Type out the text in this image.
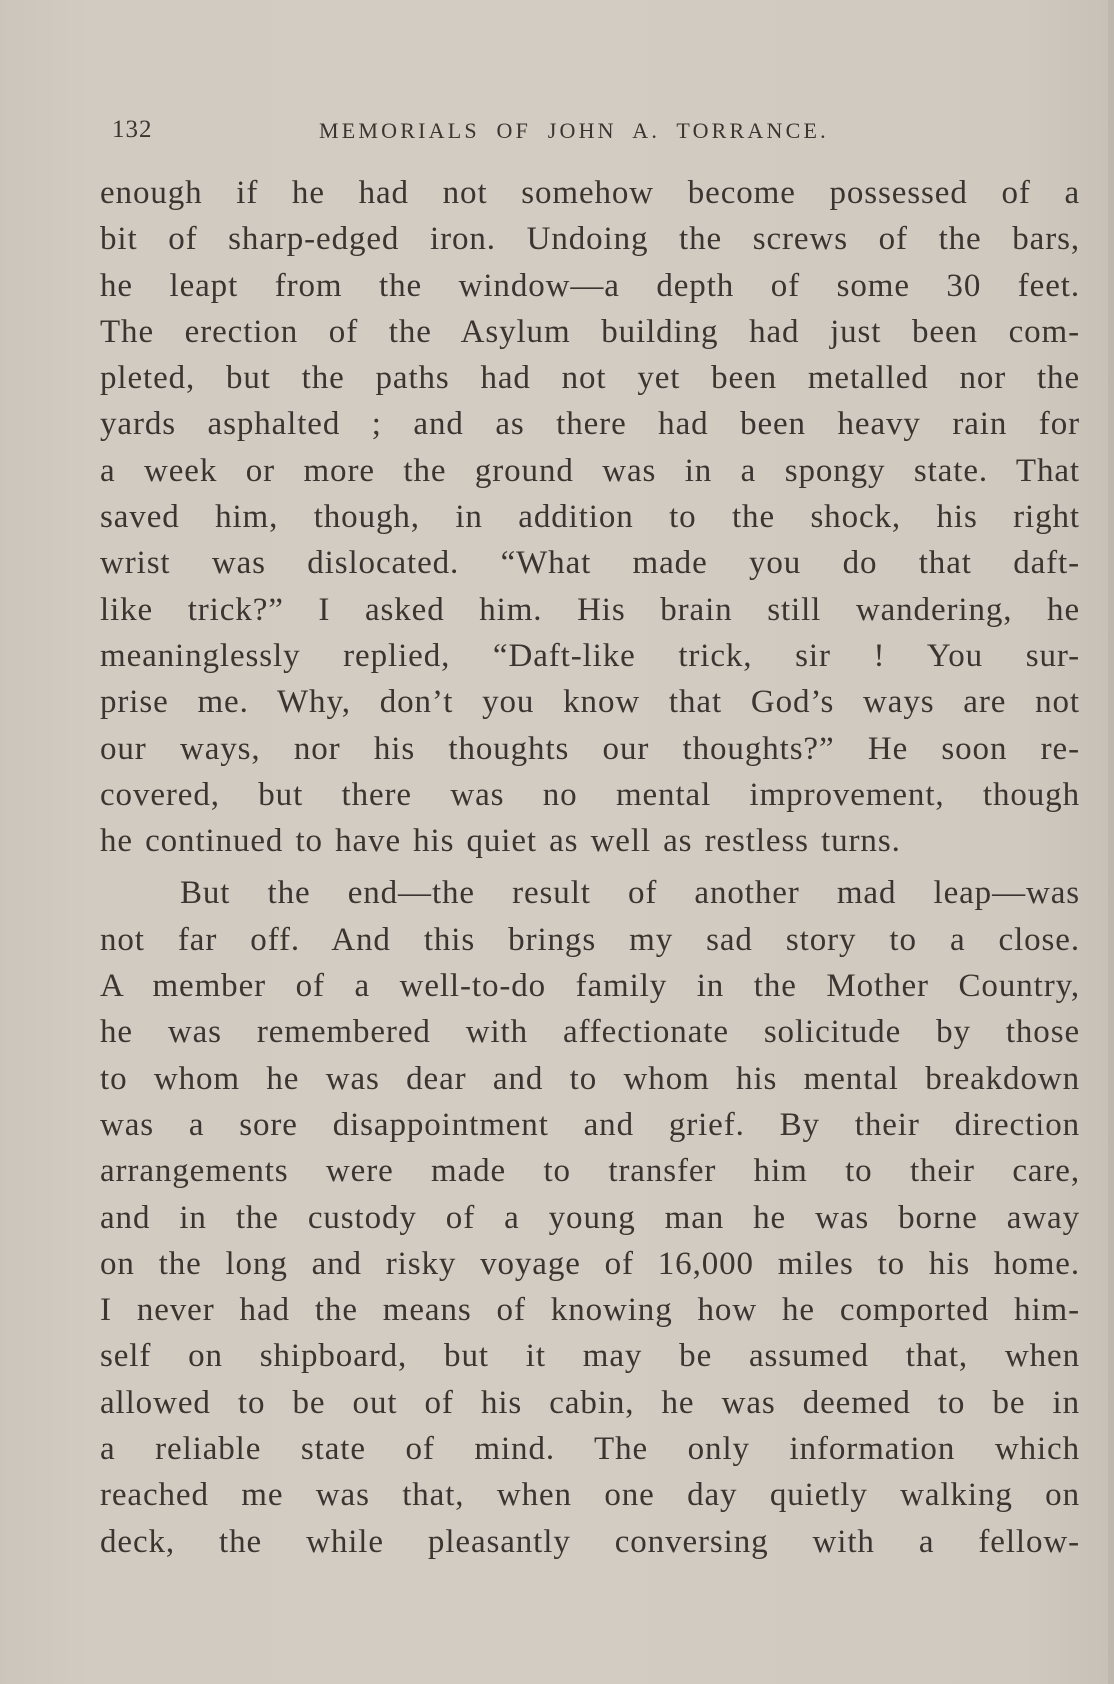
132	MEMORIALS OF JOHN A. TORRANCE.
enough if he had not somehow become possessed of a
bit of sharp-edged iron. Undoing the screws of the bars,
he leapt from the window—a depth of some 30 feet.
The erection of the Asylum building had just been com-
pleted, but the paths had not yet been metalled nor the
yards asphalted ; and as there had been heavy rain for
a week or more the ground was in a spongy state. That
saved him, though, in addition to the shock, his right
wrist was dislocated. “What made you do that daft-
like trick?” I asked him. His brain still wandering, he
meaninglessly replied, “Daft-like trick, sir ! You sur-
prise me. Why, don’t you know that God’s ways are not
our ways, nor his thoughts our thoughts?” He soon re-
covered, but there was no mental improvement, though
he continued to have his quiet as well as restless turns.
But the end—the result of another mad leap—was
not far off. And this brings my sad story to a close.
A member of a well-to-do family in the Mother Country,
he was remembered with affectionate solicitude by those
to whom he was dear and to whom his mental breakdown
was a sore disappointment and grief. By their direction
arrangements were made to transfer him to their care,
and in the custody of a young man he was borne away
on the long and risky voyage of 16,000 miles to his home.
I never had the means of knowing how he comported him-
self on shipboard, but it may be assumed that, when
allowed to be out of his cabin, he was deemed to be in
a reliable state of mind. The only information which
reached me was that, when one day quietly walking on
deck, the while pleasantly conversing with a fellow-
